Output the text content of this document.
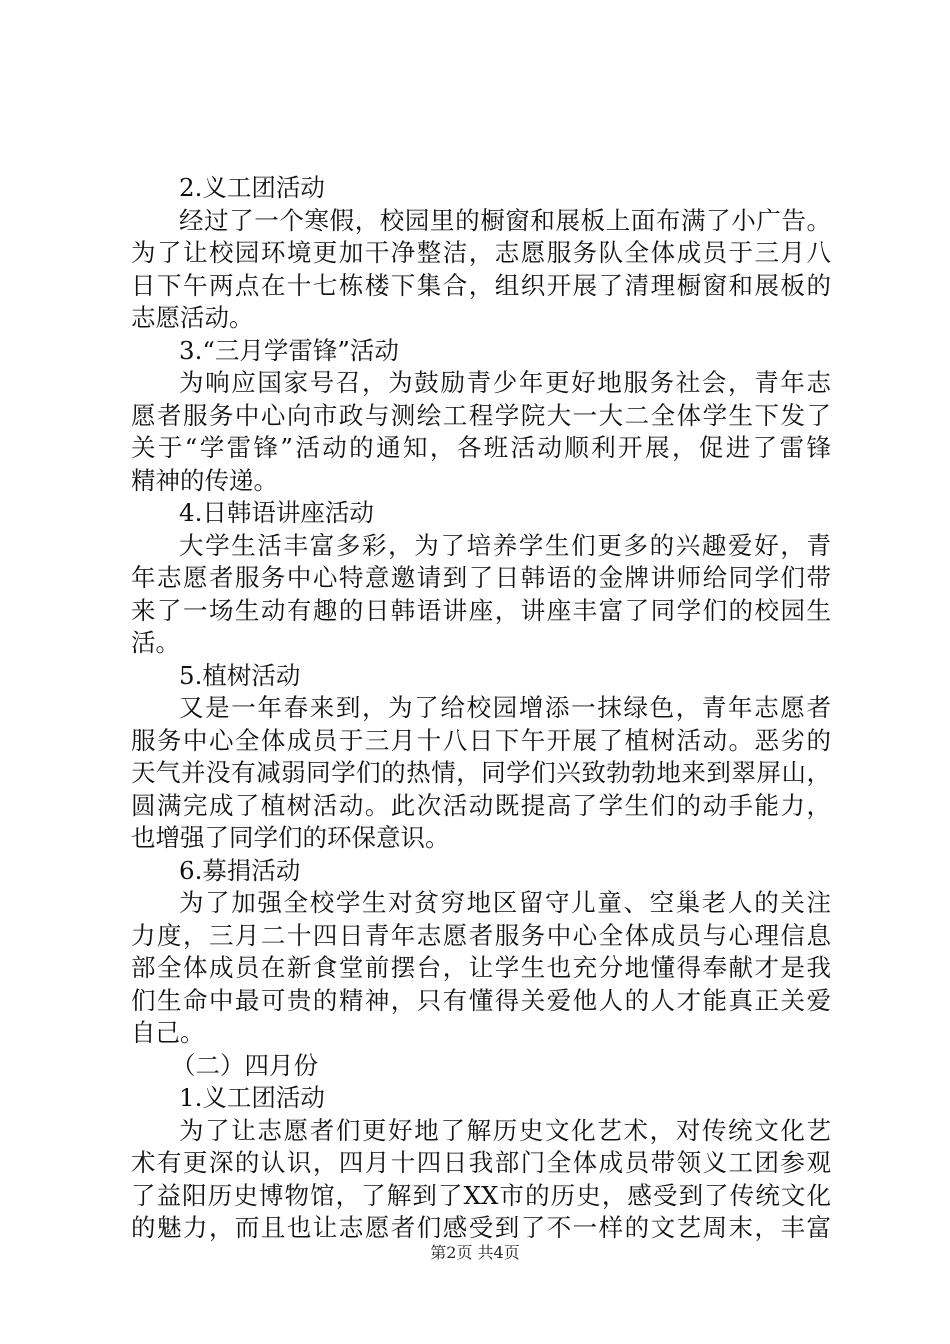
2.义工团活动
经过了一个寒假，校园里的橱窗和展板上面布满了小广告。
为了让校园环境更加干净整洁，志愿服务队全体成员于三月八
日下午两点在十七栋楼下集合，组织开展了清理橱窗和展板的
志愿活动。
3.“三月学雷锋”活动
为响应国家号召，为鼓励青少年更好地服务社会，青年志
愿者服务中心向市政与测绘工程学院大一大二全体学生下发了
关于“学雷锋”活动的通知，各班活动顺利开展，促进了雷锋
精神的传递。
4.日韩语讲座活动
大学生活丰富多彩，为了培养学生们更多的兴趣爱好，青
年志愿者服务中心特意邀请到了日韩语的金牌讲师给同学们带
来了一场生动有趣的日韩语讲座，讲座丰富了同学们的校园生
活。
5.植树活动
又是一年春来到，为了给校园增添一抹绿色，青年志愿者
服务中心全体成员于三月十八日下午开展了植树活动。恶劣的
天气并没有减弱同学们的热情，同学们兴致勃勃地来到翠屏山，
圆满完成了植树活动。此次活动既提高了学生们的动手能力，
也增强了同学们的环保意识。
6.募捐活动
为了加强全校学生对贫穷地区留守儿童、空巢老人的关注
力度，三月二十四日青年志愿者服务中心全体成员与心理信息
部全体成员在新食堂前摆台，让学生也充分地懂得奉献才是我
们生命中最可贵的精神，只有懂得关爱他人的人才能真正关爱
自己。
（二）四月份
1.义工团活动
为了让志愿者们更好地了解历史文化艺术，对传统文化艺
术有更深的认识，四月十四日我部门全体成员带领义工团参观
了益阳历史博物馆，了解到了XX市的历史，感受到了传统文化
的魅力，而且也让志愿者们感受到了不一样的文艺周末，丰富
第2页 共4页
